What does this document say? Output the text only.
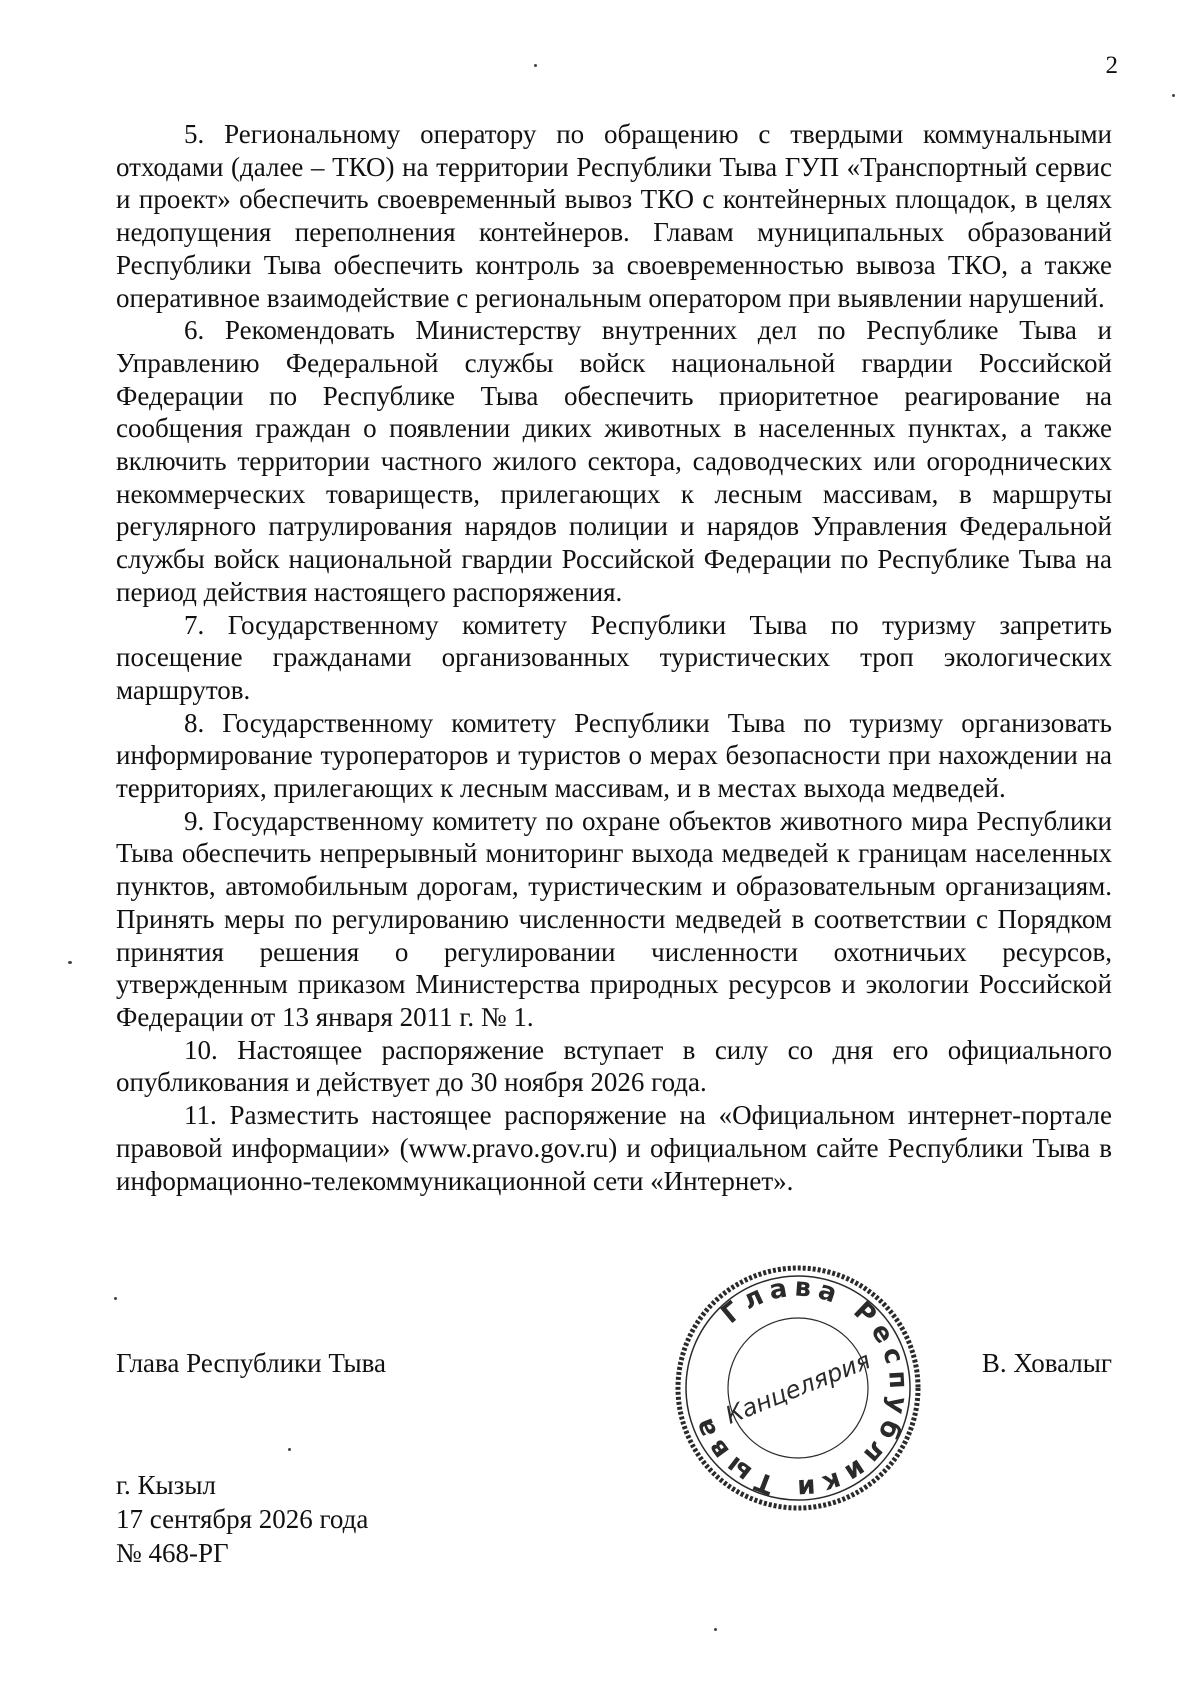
2

5. Региональному оператору по обращению с твердыми коммунальными отходами (далее – ТКО) на территории Республики Тыва ГУП «Транспортный сервис и проект» обеспечить своевременный вывоз ТКО с контейнерных площадок, в целях недопущения переполнения контейнеров. Главам муниципальных образований Республики Тыва обеспечить контроль за своевременностью вывоза ТКО, а также оперативное взаимодействие с региональным оператором при выявлении нарушений.

6. Рекомендовать Министерству внутренних дел по Республике Тыва и Управлению Федеральной службы войск национальной гвардии Российской Федерации по Республике Тыва обеспечить приоритетное реагирование на сообщения граждан о появлении диких животных в населенных пунктах, а также включить территории частного жилого сектора, садоводческих или огороднических некоммерческих товариществ, прилегающих к лесным массивам, в маршруты регулярного патрулирования нарядов полиции и нарядов Управления Федеральной службы войск национальной гвардии Российской Федерации по Республике Тыва на период действия настоящего распоряжения.

7. Государственному комитету Республики Тыва по туризму запретить посещение гражданами организованных туристических троп экологических маршрутов.

8. Государственному комитету Республики Тыва по туризму организовать информирование туроператоров и туристов о мерах безопасности при нахождении на территориях, прилегающих к лесным массивам, и в местах выхода медведей.

9. Государственному комитету по охране объектов животного мира Республики Тыва обеспечить непрерывный мониторинг выхода медведей к границам населенных пунктов, автомобильным дорогам, туристическим и образовательным организациям. Принять меры по регулированию численности медведей в соответствии с Порядком принятия решения о регулировании численности охотничьих ресурсов, утвержденным приказом Министерства природных ресурсов и экологии Российской Федерации от 13 января 2011 г. № 1.

10. Настоящее распоряжение вступает в силу со дня его официального опубликования и действует до 30 ноября 2026 года.

11. Разместить настоящее распоряжение на «Официальном интернет-портале правовой информации» (www.pravo.gov.ru) и официальном сайте Республики Тыва в информационно-телекоммуникационной сети «Интернет».

Глава Республики Тыва
Глава Республики Тыва
Канцелярия	В. Ховалыг
г. Кызыл
17 сентября 2026 года
№ 468-РГ
